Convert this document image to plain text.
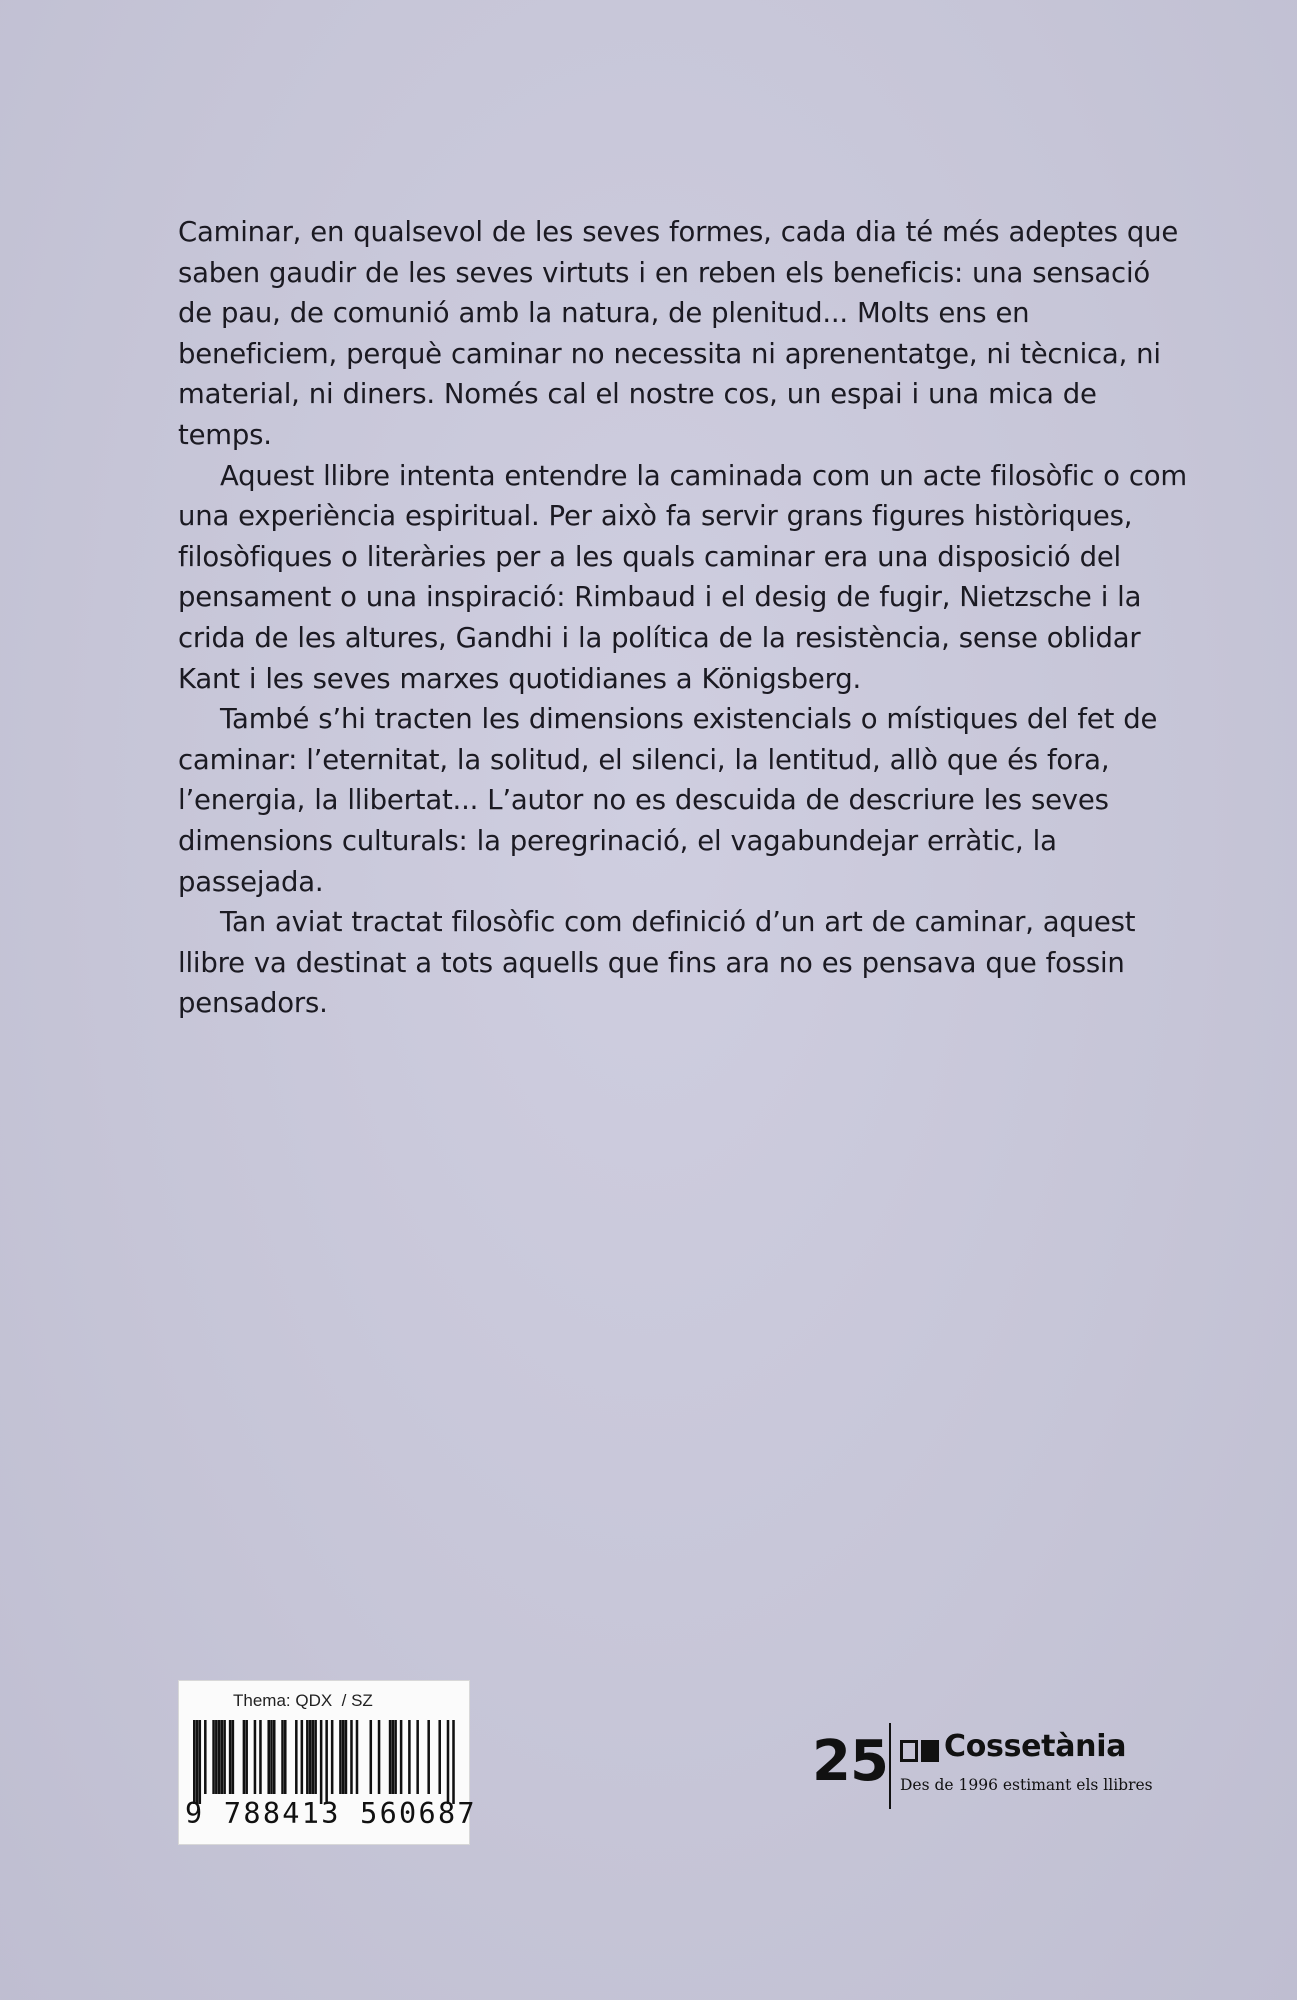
Caminar, en qualsevol de les seves formes, cada dia té més adeptes que saben gaudir de les seves virtuts i en reben els beneficis: una sensació de pau, de comunió amb la natura, de plenitud... Molts ens en beneficiem, perquè caminar no necessita ni aprenentatge, ni tècnica, ni material, ni diners. Només cal el nostre cos, un espai i una mica de temps.

Aquest llibre intenta entendre la caminada com un acte filosòfic o com una experiència espiritual. Per això fa servir grans figures històriques, filosòfiques o literàries per a les quals caminar era una disposició del pensament o una inspiració: Rimbaud i el desig de fugir, Nietzsche i la crida de les altures, Gandhi i la política de la resistència, sense oblidar Kant i les seves marxes quotidianes a Königsberg.

També s’hi tracten les dimensions existencials o místiques del fet de caminar: l’eternitat, la solitud, el silenci, la lentitud, allò que és fora, l’energia, la llibertat... L’autor no es descuida de descriure les seves dimensions culturals: la peregrinació, el vagabundejar erràtic, la passejada.

Tan aviat tractat filosòfic com definició d’un art de caminar, aquest llibre va destinat a tots aquells que fins ara no es pensava que fossin pensadors.

Thema: QDX  / SZ
9 788413 560687
25 Cossetània
Des de 1996 estimant els llibres
